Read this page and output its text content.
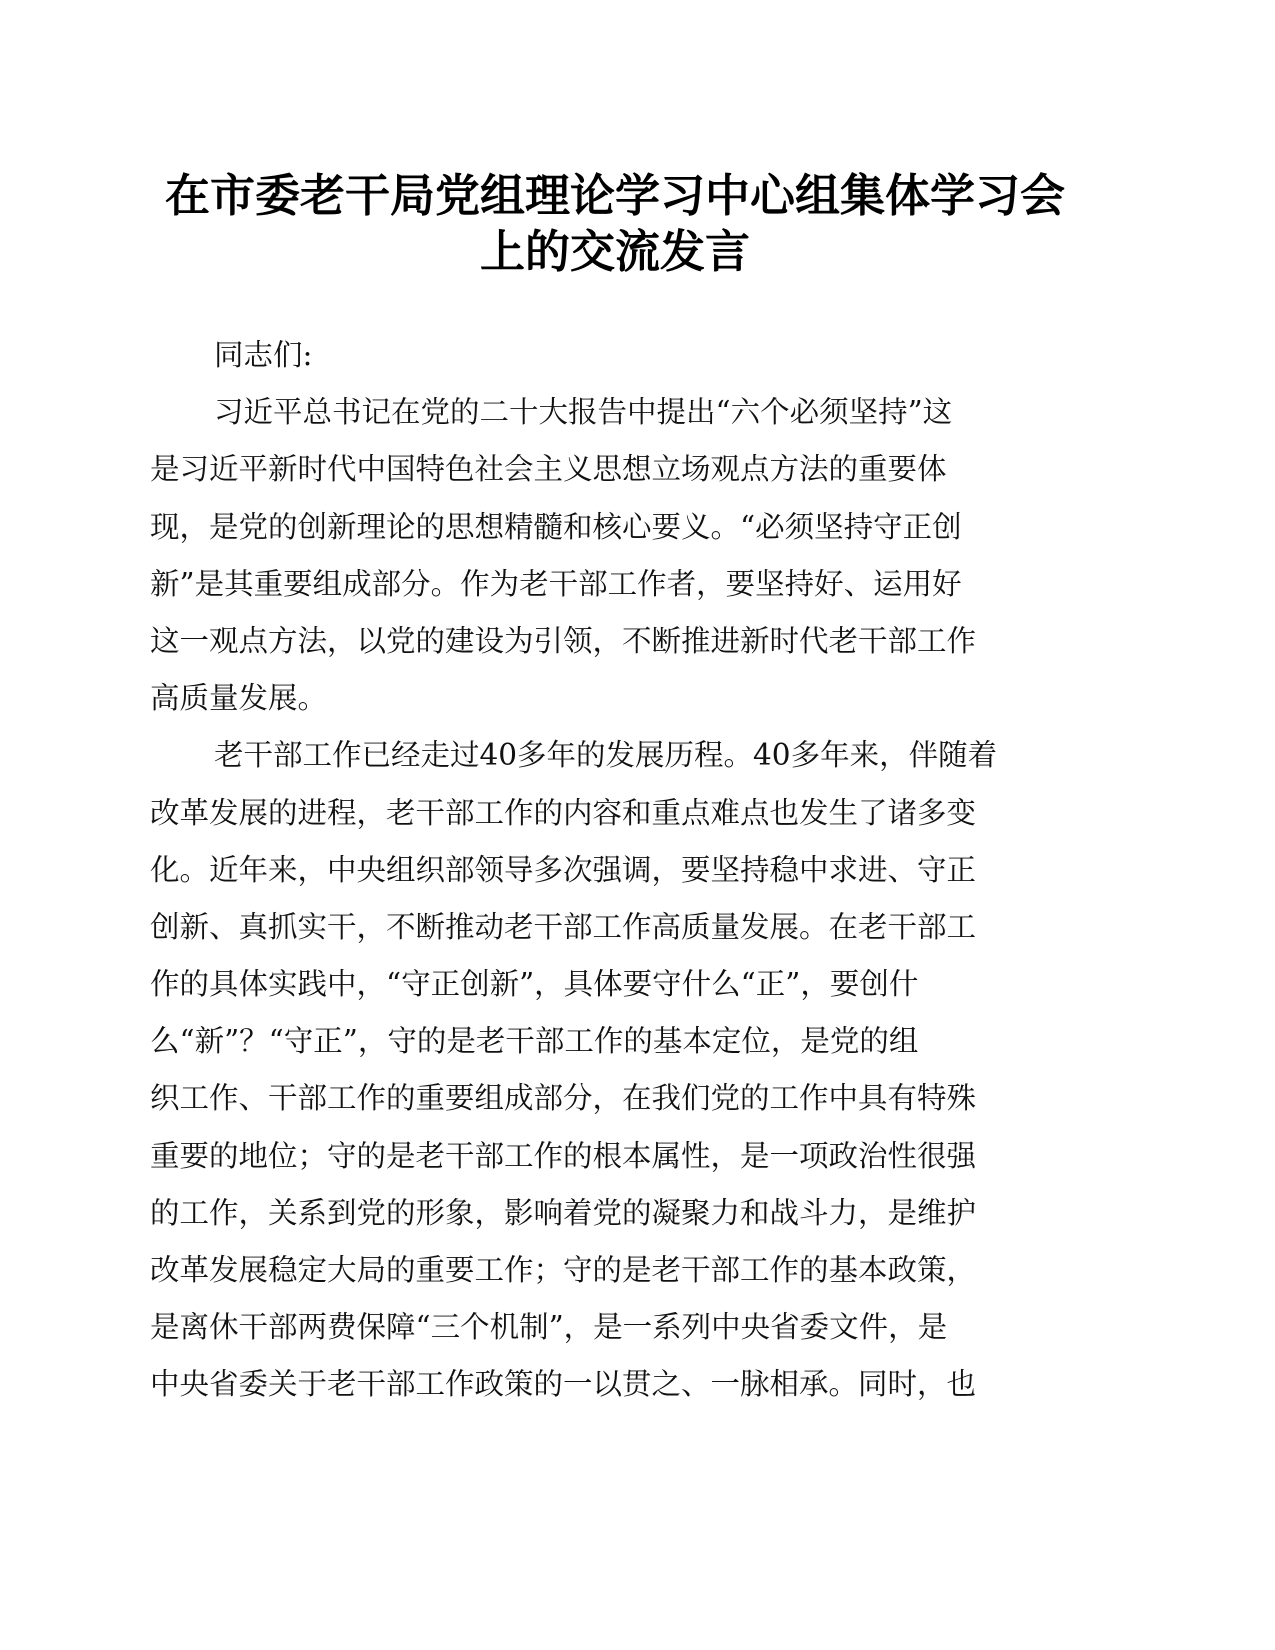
在市委老干局党组理论学习中心组集体学习会
上的交流发言
同志们:
习近平总书记在党的二十大报告中提出“六个必须坚持”这
是习近平新时代中国特色社会主义思想立场观点方法的重要体
现，是党的创新理论的思想精髓和核心要义。“必须坚持守正创
新”是其重要组成部分。作为老干部工作者，要坚持好、运用好
这一观点方法，以党的建设为引领，不断推进新时代老干部工作
高质量发展。
老干部工作已经走过40多年的发展历程。40多年来，伴随着
改革发展的进程，老干部工作的内容和重点难点也发生了诸多变
化。近年来，中央组织部领导多次强调，要坚持稳中求进、守正
创新、真抓实干，不断推动老干部工作高质量发展。在老干部工
作的具体实践中，“守正创新”，具体要守什么“正”，要创什
么“新”？“守正”，守的是老干部工作的基本定位，是党的组
织工作、干部工作的重要组成部分，在我们党的工作中具有特殊
重要的地位；守的是老干部工作的根本属性，是一项政治性很强
的工作，关系到党的形象，影响着党的凝聚力和战斗力，是维护
改革发展稳定大局的重要工作；守的是老干部工作的基本政策，
是离休干部两费保障“三个机制”，是一系列中央省委文件，是
中央省委关于老干部工作政策的一以贯之、一脉相承。同时，也
